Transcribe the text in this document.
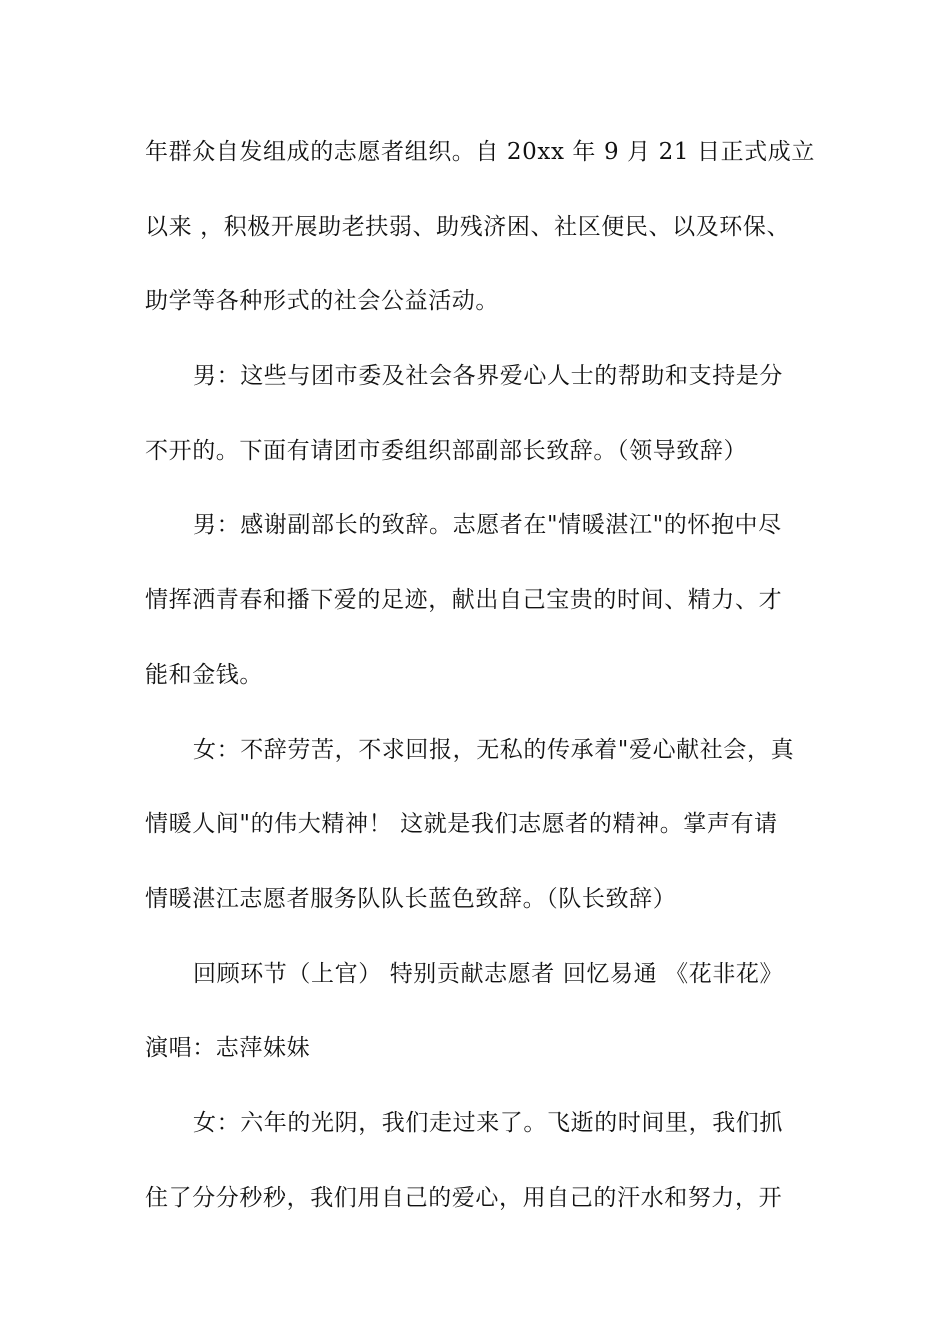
年群众自发组成的志愿者组织。自 20xx 年 9 月 21 日正式成立
以来 ，积极开展助老扶弱、助残济困、社区便民、以及环保、
助学等各种形式的社会公益活动。
男：这些与团市委及社会各界爱心人士的帮助和支持是分
不开的。下面有请团市委组织部副部长致辞。（领导致辞）
男：感谢副部长的致辞。志愿者在"情暖湛江"的怀抱中尽
情挥洒青春和播下爱的足迹，献出自己宝贵的时间、精力、才
能和金钱。
女：不辞劳苦，不求回报，无私的传承着"爱心献社会，真
情暖人间"的伟大精神！ 这就是我们志愿者的精神。掌声有请
情暖湛江志愿者服务队队长蓝色致辞。（队长致辞）
回顾环节（上官） 特别贡献志愿者 回忆易通 《花非花》
演唱：志萍妹妹
女：六年的光阴，我们走过来了。飞逝的时间里，我们抓
住了分分秒秒，我们用自己的爱心，用自己的汗水和努力，开
